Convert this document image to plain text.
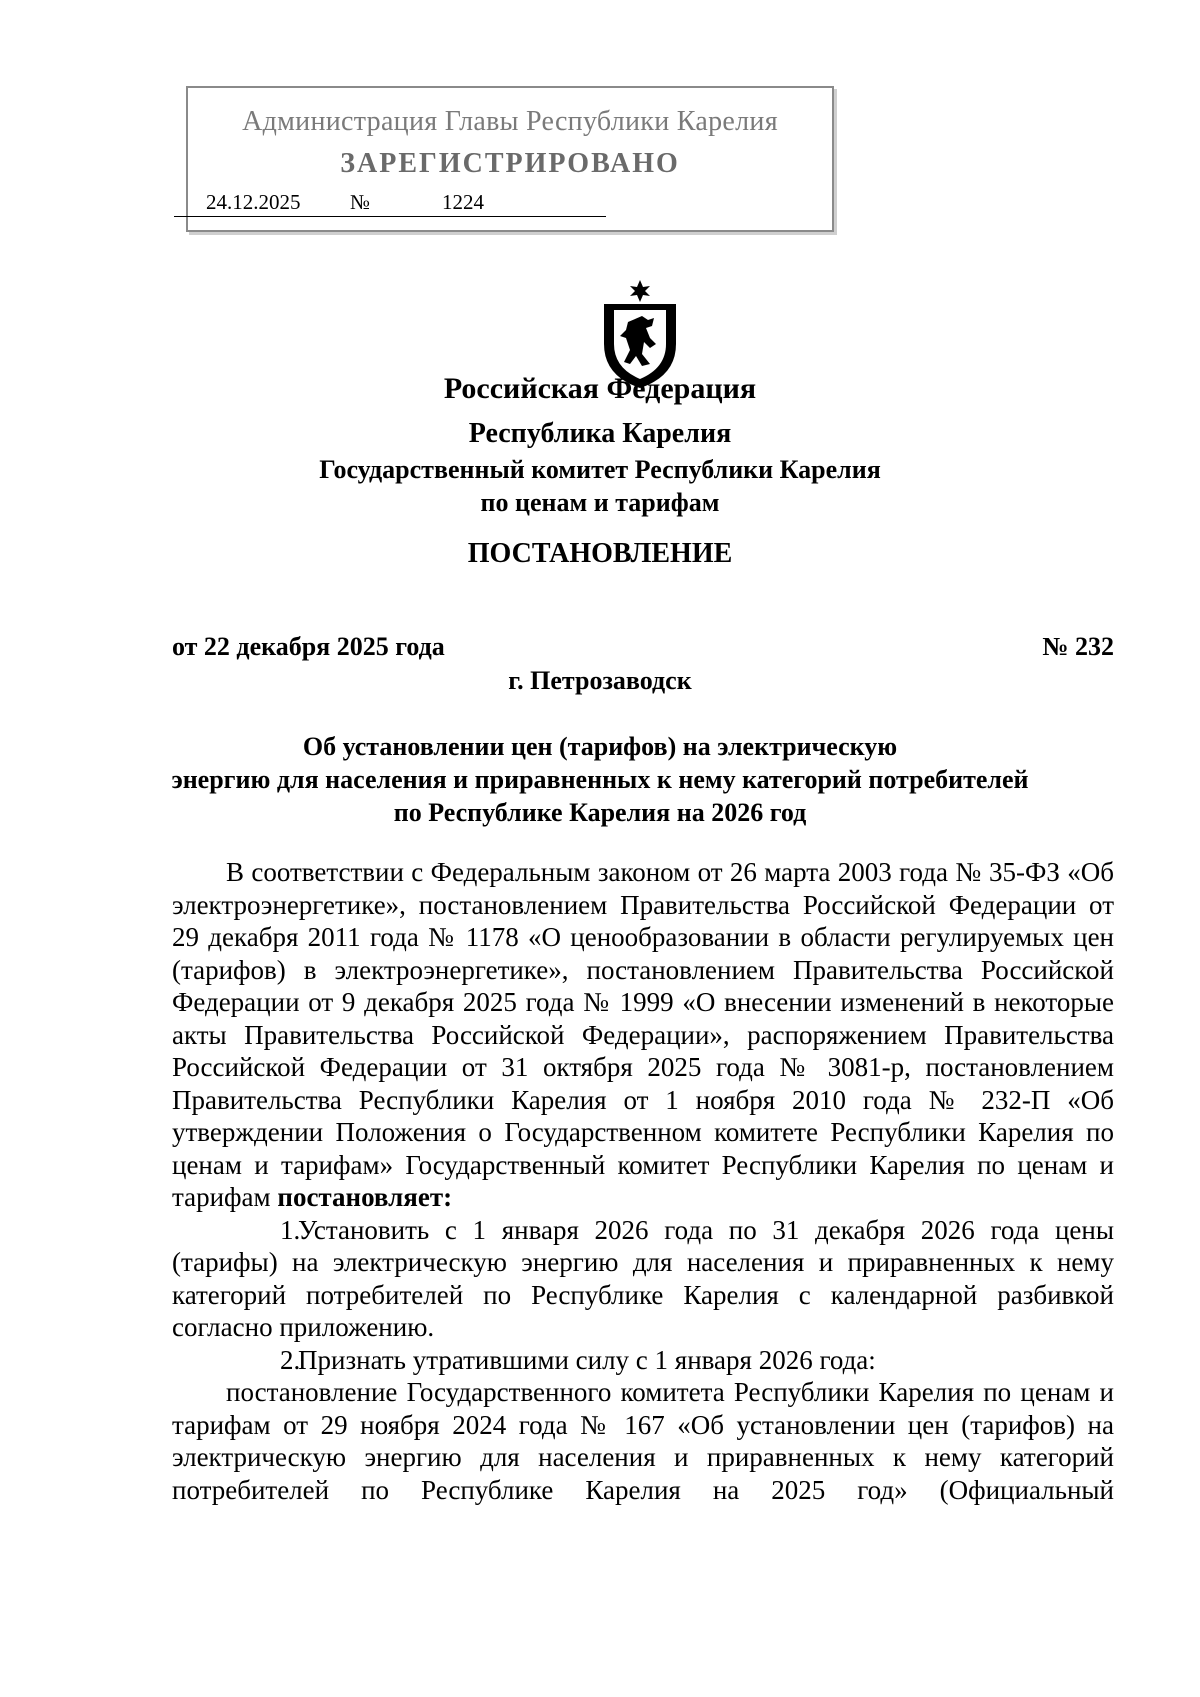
Администрация Главы Республики Карелия
ЗАРЕГИСТРИРОВАНО
24.12.2025 №	1224
Российская Федерация
Республика Карелия
Государственный комитет Республики Карелия
по ценам и тарифам
ПОСТАНОВЛЕНИЕ
от 22 декабря 2025 года	№ 232
г. Петрозаводск
Об установлении цен (тарифов) на электрическую
энергию для населения и приравненных к нему категорий потребителей
по Республике Карелия на 2026 год

В соответствии с Федеральным законом от 26 марта 2003 года № 35-ФЗ «Об электроэнергетике», постановлением Правительства Российской Федерации от 29 декабря 2011 года № 1178 «О ценообразовании в области регулируемых цен (тарифов) в электроэнергетике», постановлением Правительства Российской Федерации от 9 декабря 2025 года № 1999 «О внесении изменений в некоторые акты Правительства Российской Федерации», распоряжением Правительства Российской Федерации от 31 октября 2025 года № 3081-р, постановлением Правительства Республики Карелия от 1 ноября 2010 года № 232-П «Об утверждении Положения о Государственном комитете Республики Карелия по ценам и тарифам» Государственный комитет Республики Карелия по ценам и тарифам постановляет:

1.Установить с 1 января 2026 года по 31 декабря 2026 года цены (тарифы) на электрическую энергию для населения и приравненных к нему категорий потребителей по Республике Карелия с календарной разбивкой согласно приложению.

2.Признать утратившими силу с 1 января 2026 года:

постановление Государственного комитета Республики Карелия по ценам и тарифам от 29 ноября 2024 года № 167 «Об установлении цен (тарифов) на электрическую энергию для населения и приравненных к нему категорий потребителей по Республике Карелия на 2025 год» (Официальный
